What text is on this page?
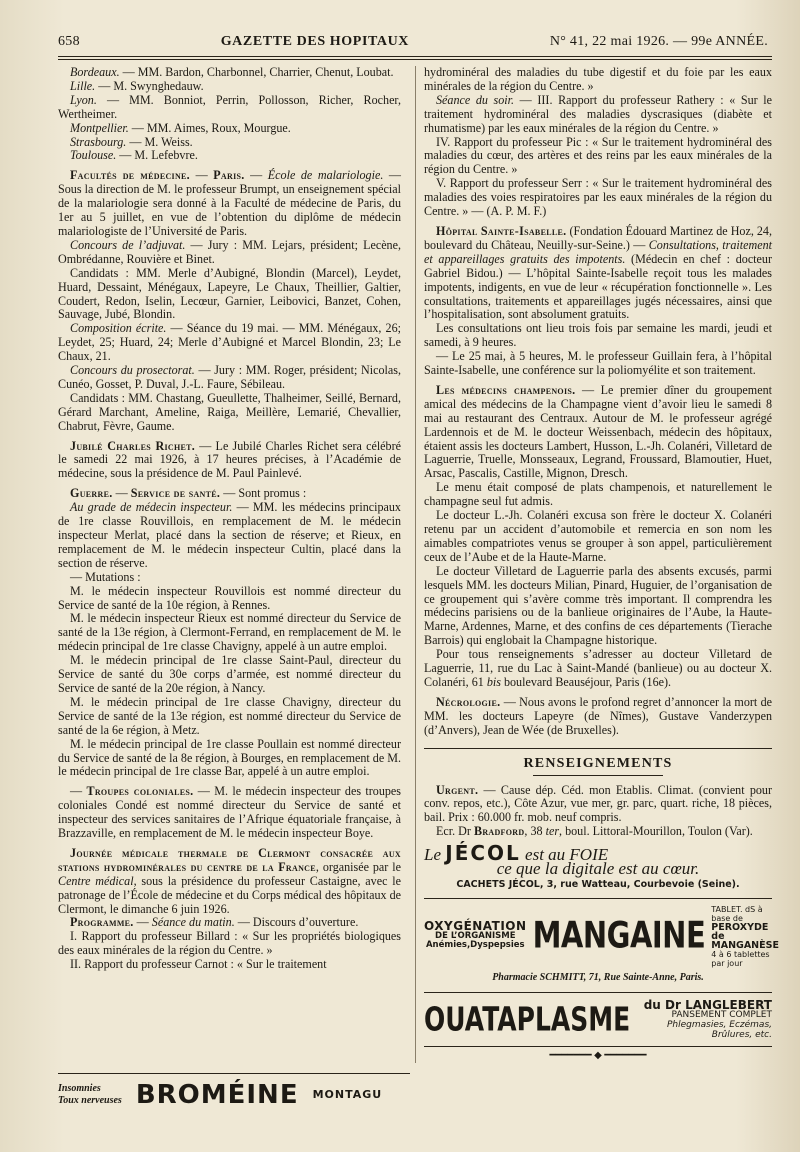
658	GAZETTE DES HOPITAUX	N° 41, 22 mai 1926. — 99e ANNÉE.

Bordeaux. — MM. Bardon, Charbonnel, Charrier, Chenut, Loubat.

Lille. — M. Swynghedauw.

Lyon. — MM. Bonniot, Perrin, Pollosson, Richer, Rocher, Wertheimer.

Montpellier. — MM. Aimes, Roux, Mourgue.

Strasbourg. — M. Weiss.

Toulouse. — M. Lefebvre.

Facultés de médecine. — Paris. — École de malariologie. — Sous la direction de M. le professeur Brumpt, un enseignement spécial de la malariologie sera donné à la Faculté de médecine de Paris, du 1er au 5 juillet, en vue de l’obtention du diplôme de médecin malariologiste de l’Université de Paris.

Concours de l’adjuvat. — Jury : MM. Lejars, président; Lecène, Ombrédanne, Rouvière et Binet.

Candidats : MM. Merle d’Aubigné, Blondin (Marcel), Leydet, Huard, Dessaint, Ménégaux, Lapeyre, Le Chaux, Theillier, Galtier, Coudert, Redon, Iselin, Lecœur, Garnier, Leibovici, Banzet, Cohen, Sauvage, Jubé, Blondin.

Composition écrite. — Séance du 19 mai. — MM. Ménégaux, 26; Leydet, 25; Huard, 24; Merle d’Aubigné et Marcel Blondin, 23; Le Chaux, 21.

Concours du prosectorat. — Jury : MM. Roger, président; Nicolas, Cunéo, Gosset, P. Duval, J.-L. Faure, Sébileau.

Candidats : MM. Chastang, Gueullette, Thalheimer, Seillé, Bernard, Gérard Marchant, Ameline, Raiga, Meillère, Lemarié, Chevallier, Chabrut, Fèvre, Gaume.

Jubilé Charles Richet. — Le Jubilé Charles Richet sera célébré le samedi 22 mai 1926, à 17 heures précises, à l’Académie de médecine, sous la présidence de M. Paul Painlevé.

Guerre. — Service de santé. — Sont promus :

Au grade de médecin inspecteur. — MM. les médecins principaux de 1re classe Rouvillois, en remplacement de M. le médecin inspecteur Merlat, placé dans la section de réserve; et Rieux, en remplacement de M. le médecin inspecteur Cultin, placé dans la section de réserve.

— Mutations :

M. le médecin inspecteur Rouvillois est nommé directeur du Service de santé de la 10e région, à Rennes.

M. le médecin inspecteur Rieux est nommé directeur du Service de santé de la 13e région, à Clermont-Ferrand, en remplacement de M. le médecin principal de 1re classe Chavigny, appelé à un autre emploi.

M. le médecin principal de 1re classe Saint-Paul, directeur du Service de santé du 30e corps d’armée, est nommé directeur du Service de santé de la 20e région, à Nancy.

M. le médecin principal de 1re classe Chavigny, directeur du Service de santé de la 13e région, est nommé directeur du Service de santé de la 6e région, à Metz.

M. le médecin principal de 1re classe Poullain est nommé directeur du Service de santé de la 8e région, à Bourges, en remplacement de M. le médecin principal de 1re classe Bar, appelé à un autre emploi.

— Troupes coloniales. — M. le médecin inspecteur des troupes coloniales Condé est nommé directeur du Service de santé et inspecteur des services sanitaires de l’Afrique équatoriale française, à Brazzaville, en remplacement de M. le médecin inspecteur Boye.

Journée médicale thermale de Clermont consacrée aux stations hydrominérales du centre de la France, organisée par le Centre médical, sous la présidence du professeur Castaigne, avec le patronage de l’École de médecine et du Corps médical des hôpitaux de Clermont, le dimanche 6 juin 1926.

Programme. — Séance du matin. — Discours d’ouverture.

I. Rapport du professeur Billard : « Sur les propriétés biologiques des eaux minérales de la région du Centre. »

II. Rapport du professeur Carnot : « Sur le traitement

hydrominéral des maladies du tube digestif et du foie par les eaux minérales de la région du Centre. »

Séance du soir. — III. Rapport du professeur Rathery : « Sur le traitement hydrominéral des maladies dyscrasiques (diabète et rhumatisme) par les eaux minérales de la région du Centre. »

IV. Rapport du professeur Pic : « Sur le traitement hydrominéral des maladies du cœur, des artères et des reins par les eaux minérales de la région du Centre. »

V. Rapport du professeur Serr : « Sur le traitement hydrominéral des maladies des voies respiratoires par les eaux minérales de la région du Centre. » — (A. P. M. F.)

Hôpital Sainte-Isabelle. (Fondation Édouard Martinez de Hoz, 24, boulevard du Château, Neuilly-sur-Seine.) — Consultations, traitement et appareillages gratuits des impotents. (Médecin en chef : docteur Gabriel Bidou.) — L’hôpital Sainte-Isabelle reçoit tous les malades impotents, indigents, en vue de leur « récupération fonctionnelle ». Les consultations, traitements et appareillages jugés nécessaires, ainsi que l’hospitalisation, sont absolument gratuits.

Les consultations ont lieu trois fois par semaine les mardi, jeudi et samedi, à 9 heures.

— Le 25 mai, à 5 heures, M. le professeur Guillain fera, à l’hôpital Sainte-Isabelle, une conférence sur la poliomyélite et son traitement.

Les médecins champenois. — Le premier dîner du groupement amical des médecins de la Champagne vient d’avoir lieu le samedi 8 mai au restaurant des Centraux. Autour de M. le professeur agrégé Lardennois et de M. le docteur Weissenbach, médecin des hôpitaux, étaient assis les docteurs Lambert, Husson, L.-Jh. Colanéri, Villetard de Laguerrie, Truelle, Monsseaux, Legrand, Froussard, Blamoutier, Huet, Arsac, Pascalis, Castille, Mignon, Dresch.

Le menu était composé de plats champenois, et naturellement le champagne seul fut admis.

Le docteur L.-Jh. Colanéri excusa son frère le docteur X. Colanéri retenu par un accident d’automobile et remercia en son nom les aimables compatriotes venus se grouper à son appel, particulièrement ceux de l’Aube et de la Haute-Marne.

Le docteur Villetard de Laguerrie parla des absents excusés, parmi lesquels MM. les docteurs Milian, Pinard, Huguier, de l’organisation de ce groupement qui s’avère comme très important. Il comprendra les médecins parisiens ou de la banlieue originaires de l’Aube, la Haute-Marne, Ardennes, Marne, et des confins de ces départements (Tierache Barrois) qui englobait la Champagne historique.

Pour tous renseignements s’adresser au docteur Villetard de Laguerrie, 11, rue du Lac à Saint-Mandé (banlieue) ou au docteur X. Colanéri, 61 bis boulevard Beauséjour, Paris (16e).

Nécrologie. — Nous avons le profond regret d’annoncer la mort de MM. les docteurs Lapeyre (de Nîmes), Gustave Vanderzypen (d’Anvers), Jean de Wée (de Bruxelles).

RENSEIGNEMENTS

Urgent. — Cause dép. Céd. mon Etablis. Climat. (convient pour conv. repos, etc.), Côte Azur, vue mer, gr. parc, quart. riche, 18 pièces, bail. Prix : 60.000 fr. mob. neuf compris.

Ecr. Dr Bradford, 38 ter, boul. Littoral-Mourillon, Toulon (Var).

Le JÉCOL est au FOIE
ce que la digitale est au cœur.
CACHETS JÉCOL, 3, rue Watteau, Courbevoie (Seine).
OXYGÉNATION
DE L’ORGANISME
Anémies,Dyspepsies MANGAINE
TABLET. dS à base de
PEROXYDE de MANGANÈSE
4 à 6 tablettes par jour
Pharmacie SCHMITT, 71, Rue Sainte-Anne, Paris.
OUATAPLASME	du Dr LANGLEBERT
PANSEMENT COMPLET
Phlegmasies, Eczémas, Brûlures, etc.
━━━━━━━ ◆ ━━━━━━━
Insomnies
Toux nerveuses BROMÉINE MONTAGU
